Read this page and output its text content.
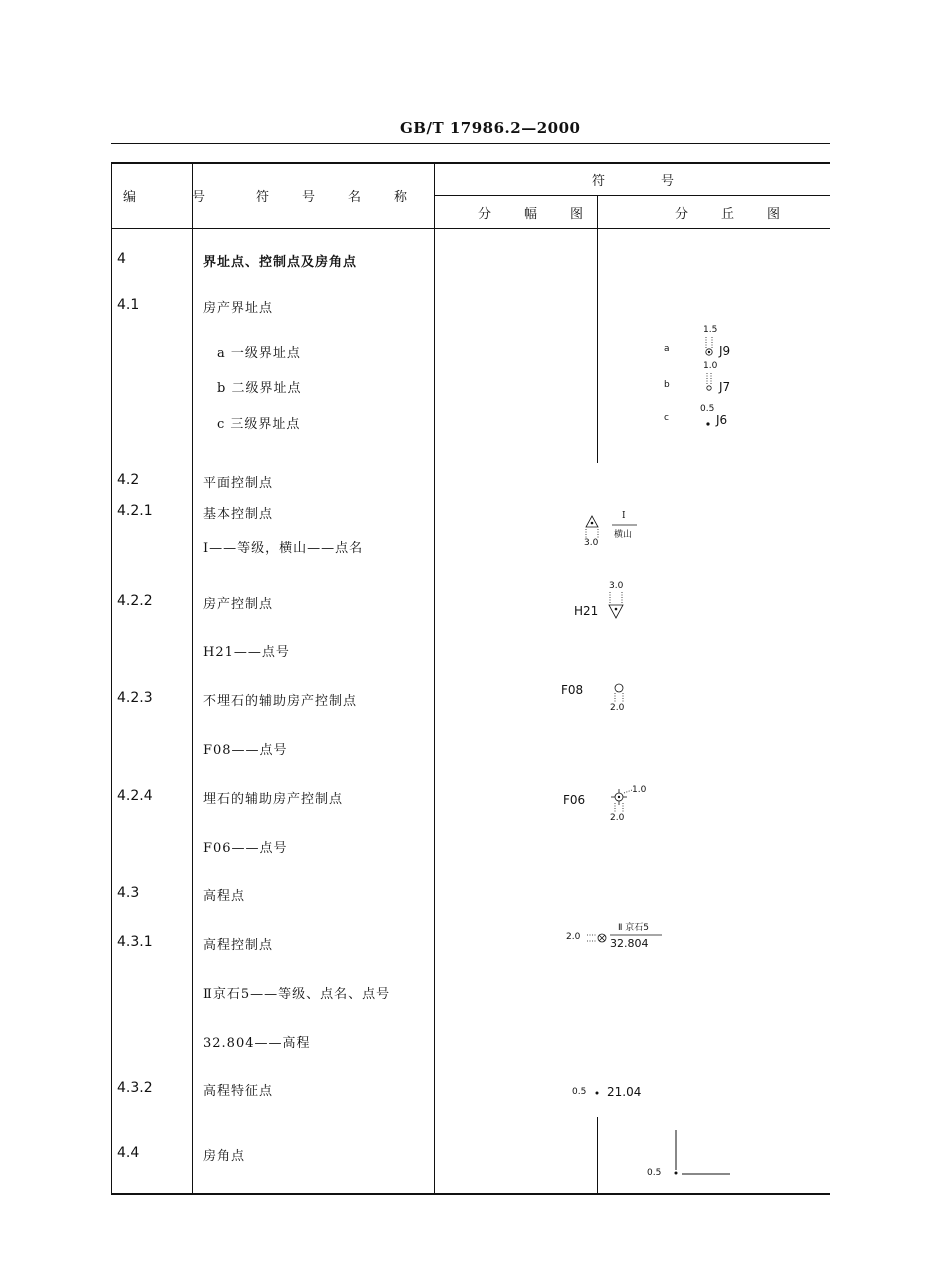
GB/T 17986.2—2000
编　　号	符　号　名　称
符　　号
分　幅　图	分　丘　图
4
4.1
4.2
4.2.1
4.2.2
4.2.3
4.2.4
4.3
4.3.1
4.3.2
4.4
界址点、控制点及房角点
房产界址点
a 一级界址点
b 二级界址点
c 三级界址点
平面控制点
基本控制点
Ⅰ——等级，横山——点名
房产控制点
H21——点号
不埋石的辅助房产控制点
F08——点号
埋石的辅助房产控制点
F06——点号
高程点
高程控制点
Ⅱ京石5——等级、点名、点号
32.804——高程
高程特征点
房角点
a
1.5
J9
b
1.0
J7
c
0.5
J6
3.0
I
横山
3.0
H21
F08
2.0
F06
1.0
2.0
2.0
Ⅱ 京石5
32.804
0.5 21.04
0.5
